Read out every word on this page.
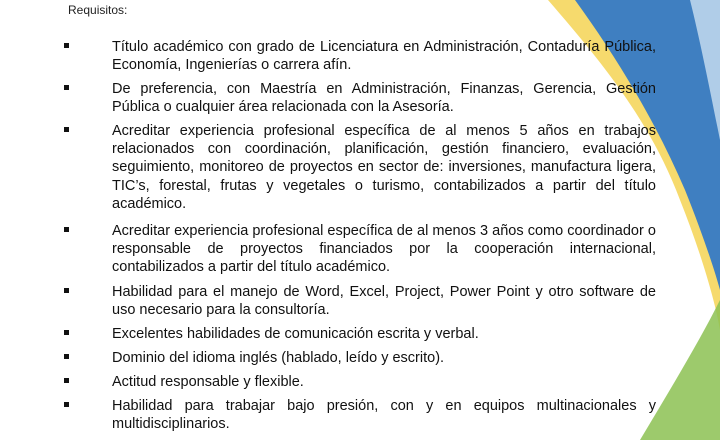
Requisitos:

Título académico con grado de Licenciatura en Administración, Contaduría Pública, Economía, Ingenierías o carrera afín.

De preferencia, con Maestría en Administración, Finanzas, Gerencia, Gestión Pública o cualquier área relacionada con la Asesoría.

Acreditar experiencia profesional específica de al menos 5 años en trabajos relacionados con coordinación, planificación, gestión financiero, evaluación, seguimiento, monitoreo de proyectos en sector de: inversiones, manufactura ligera, TIC’s, forestal, frutas y vegetales o turismo, contabilizados a partir del título académico.

Acreditar experiencia profesional específica de al menos 3 años como coordinador o responsable de proyectos financiados por la cooperación internacional, contabilizados a partir del título académico.

Habilidad para el manejo de Word, Excel, Project, Power Point y otro software de uso necesario para la consultoría.

Excelentes habilidades de comunicación escrita y verbal.

Dominio del idioma inglés (hablado, leído y escrito).

Actitud responsable y flexible.

Habilidad para trabajar bajo presión, con y en equipos multinacionales y multidisciplinarios.
